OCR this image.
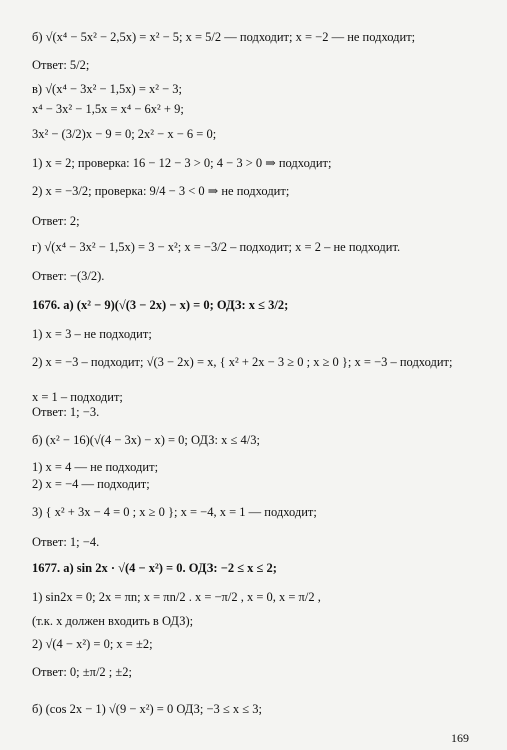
б) √(x⁴ − 5x² − 2,5x) = x² − 5; x = 5/2 — подходит; x = −2 — не подходит;
Ответ: 5/2;
в) √(x⁴ − 3x² − 1,5x) = x² − 3;
x⁴ − 3x² − 1,5x = x⁴ − 6x² + 9;
3x² − (3/2)x − 9 = 0; 2x² − x − 6 = 0;
1) x = 2; проверка: 16 − 12 − 3 > 0; 4 − 3 > 0 ⇒ подходит;
2) x = −3/2; проверка: 9/4 − 3 < 0 ⇒ не подходит;
Ответ: 2;
г) √(x⁴ − 3x² − 1,5x) = 3 − x²; x = −3/2 – подходит; x = 2 – не подходит.
Ответ: −(3/2).
1676. а) (x² − 9)(√(3 − 2x) − x) = 0; ОДЗ: x ≤ 3/2;
1) x = 3 – не подходит;
2) x = −3 – подходит; √(3 − 2x) = x, { x² + 2x − 3 ≥ 0 ; x ≥ 0 }; x = −3 – подходит;
x = 1 – подходит;
Ответ: 1; −3.
б) (x² − 16)(√(4 − 3x) − x) = 0; ОДЗ: x ≤ 4/3;
1) x = 4 — не подходит;
2) x = −4 — подходит;
3) { x² + 3x − 4 = 0 ; x ≥ 0 }; x = −4, x = 1 — подходит;
Ответ: 1; −4.
1677. а) sin 2x · √(4 − x²) = 0. ОДЗ: −2 ≤ x ≤ 2;
1) sin2x = 0; 2x = πn; x = πn/2 . x = −π/2 , x = 0, x = π/2 ,
(т.к. x должен входить в ОДЗ);
2) √(4 − x²) = 0; x = ±2;
Ответ: 0; ±π/2 ; ±2;
б) (cos 2x − 1) √(9 − x²) = 0 ОДЗ; −3 ≤ x ≤ 3;
169
